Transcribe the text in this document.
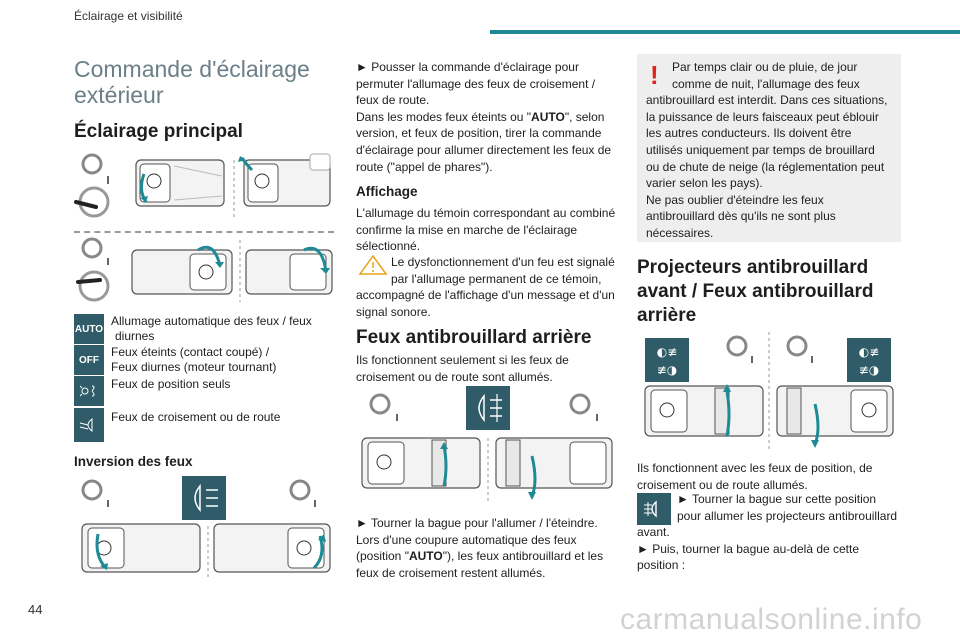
Éclairage et visibilité
Commande d'éclairage
extérieur
Éclairage principal
AUTO
Allumage automatique des feux / feux
diurnes
OFF
Feux éteints (contact coupé) /
Feux diurnes (moteur tournant)
Feux de position seuls
Feux de croisement ou de route
Inversion des feux
► Pousser la commande d'éclairage pour
permuter l'allumage des feux de croisement /
feux de route.
Dans les modes feux éteints ou "AUTO", selon
version, et feux de position, tirer la commande
d'éclairage pour allumer directement les feux de
route ("appel de phares").
Affichage
L'allumage du témoin correspondant au combiné
confirme la mise en marche de l'éclairage
sélectionné.
Le dysfonctionnement d'un feu est signalé
par l'allumage permanent de ce témoin,
accompagné de l'affichage d'un message et d'un
signal sonore.
Feux antibrouillard arrière
Ils fonctionnent seulement si les feux de
croisement ou de route sont allumés.
► Tourner la bague pour l'allumer / l'éteindre.
Lors d'une coupure automatique des feux
(position "AUTO"), les feux antibrouillard et les
feux de croisement restent allumés.
!	Par temps clair ou de pluie, de jour
comme de nuit, l'allumage des feux
antibrouillard est interdit. Dans ces situations,
la puissance de leurs faisceaux peut éblouir
les autres conducteurs. Ils doivent être
utilisés uniquement par temps de brouillard
ou de chute de neige (la réglementation peut
varier selon les pays).
Ne pas oublier d'éteindre les feux
antibrouillard dès qu'ils ne sont plus
nécessaires.
Projecteurs antibrouillard
avant / Feux antibrouillard
arrière
◐≢
≢◑
◐≢
≢◑
Ils fonctionnent avec les feux de position, de
croisement ou de route allumés.
► Tourner la bague sur cette position
pour allumer les projecteurs antibrouillard
avant.
► Puis, tourner la bague au-delà de cette
position :
44	carmanualsonline.info
